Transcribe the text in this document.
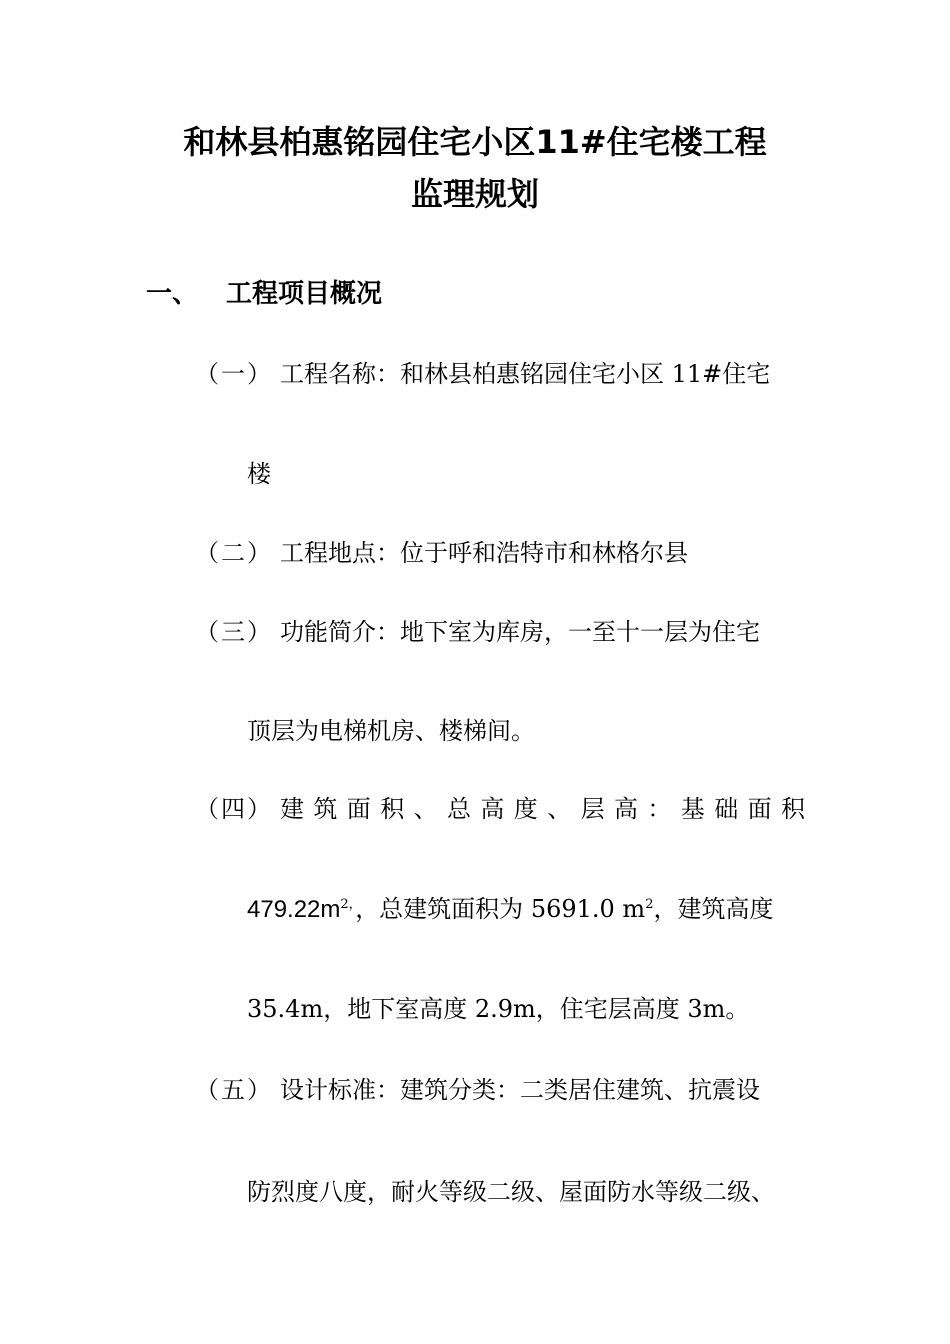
和林县柏惠铭园住宅小区11#住宅楼工程
监理规划
一、 工程项目概况
（一） 工程名称：和林县柏惠铭园住宅小区 11#住宅
楼
（二） 工程地点：位于呼和浩特市和林格尔县
（三） 功能简介：地下室为库房，一至十一层为住宅
顶层为电梯机房、楼梯间。
（四） 建筑面积、总高度、层高：基础面积
$479.22m^{2,}$，总建筑面积为 5691.0 $m^2$，建筑高度
35.4m，地下室高度 2.9m，住宅层高度 3m。
（五） 设计标准：建筑分类：二类居住建筑、抗震设
防烈度八度，耐火等级二级、屋面防水等级二级、
